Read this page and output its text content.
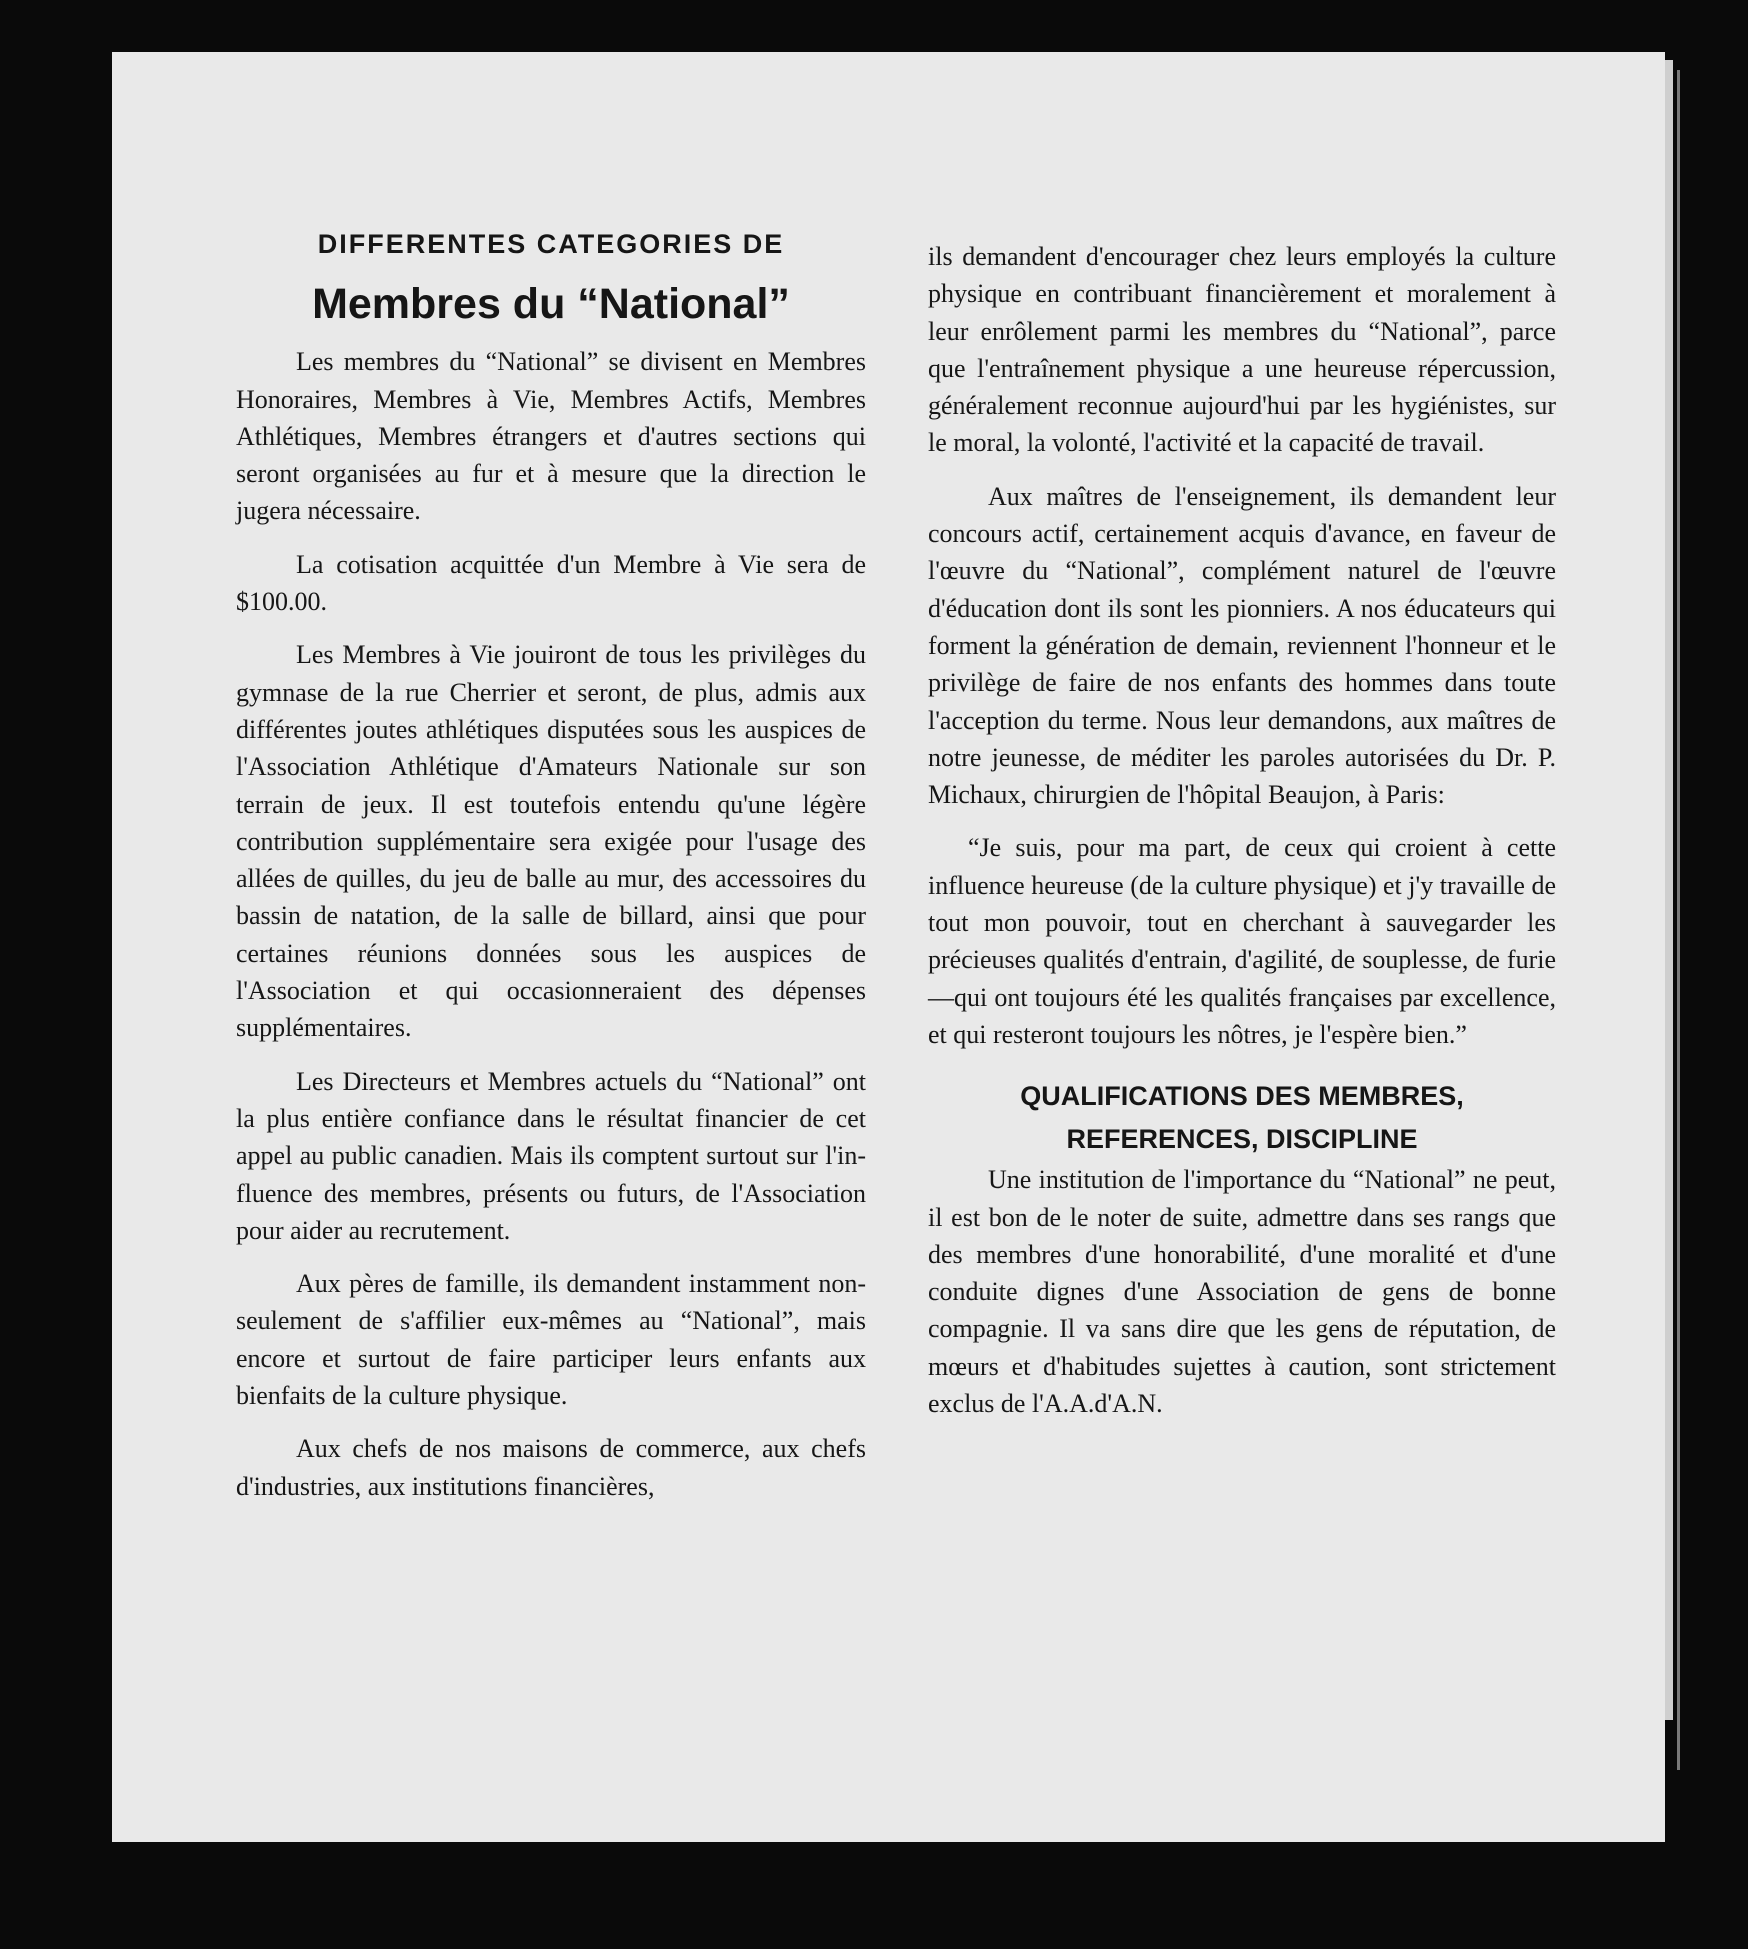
DIFFERENTES CATEGORIES DE
Membres du “National”

Les membres du “National” se divisent en Membres Honoraires, Membres à Vie, Membres Actifs, Membres Athlétiques, Membres étrangers et d'autres sections qui seront organisées au fur et à mesure que la direction le jugera nécessaire.

La cotisation acquittée d'un Membre à Vie sera de $100.00.

Les Membres à Vie jouiront de tous les privilèges du gymnase de la rue Cherrier et seront, de plus, admis aux différentes joutes athlétiques disputées sous les auspices de l'Association Athlétique d'Amateurs Nationale sur son terrain de jeux. Il est toutefois entendu qu'une légère contribution supplémentaire sera exigée pour l'usage des allées de quilles, du jeu de balle au mur, des accessoires du bassin de natation, de la salle de billard, ainsi que pour certaines réunions données sous les auspices de l'Association et qui occasionneraient des dépenses supplémentaires.

Les Directeurs et Membres actuels du “National” ont la plus entière confiance dans le résultat financier de cet appel au public canadien. Mais ils comptent surtout sur l'influence des membres, présents ou futurs, de l'Association pour aider au recrutement.

Aux pères de famille, ils demandent instamment non-seulement de s'affilier eux-mêmes au “National”, mais encore et surtout de faire participer leurs enfants aux bienfaits de la culture physique.

Aux chefs de nos maisons de commerce, aux chefs d'industries, aux institutions financières,

ils demandent d'encourager chez leurs employés la culture physique en contribuant financièrement et moralement à leur enrôlement parmi les membres du “National”, parce que l'entraînement physique a une heureuse répercussion, généralement reconnue aujourd'hui par les hygiénistes, sur le moral, la volonté, l'activité et la capacité de travail.

Aux maîtres de l'enseignement, ils demandent leur concours actif, certainement acquis d'avance, en faveur de l'œuvre du “National”, complément naturel de l'œuvre d'éducation dont ils sont les pionniers. A nos éducateurs qui forment la génération de demain, reviennent l'honneur et le privilège de faire de nos enfants des hommes dans toute l'acception du terme. Nous leur demandons, aux maîtres de notre jeunesse, de méditer les paroles autorisées du Dr. P. Michaux, chirurgien de l'hôpital Beaujon, à Paris:

“Je suis, pour ma part, de ceux qui croient à cette influence heureuse (de la culture physique) et j'y travaille de tout mon pouvoir, tout en cherchant à sauvegarder les précieuses qualités d'entrain, d'agilité, de souplesse, de furie—qui ont toujours été les qualités françaises par excellence, et qui resteront toujours les nôtres, je l'espère bien.”

QUALIFICATIONS DES MEMBRES,
REFERENCES, DISCIPLINE

Une institution de l'importance du “National” ne peut, il est bon de le noter de suite, admettre dans ses rangs que des membres d'une honorabilité, d'une moralité et d'une conduite dignes d'une Association de gens de bonne compagnie. Il va sans dire que les gens de réputation, de mœurs et d'habitudes sujettes à caution, sont strictement exclus de l'A.A.d'A.N.
